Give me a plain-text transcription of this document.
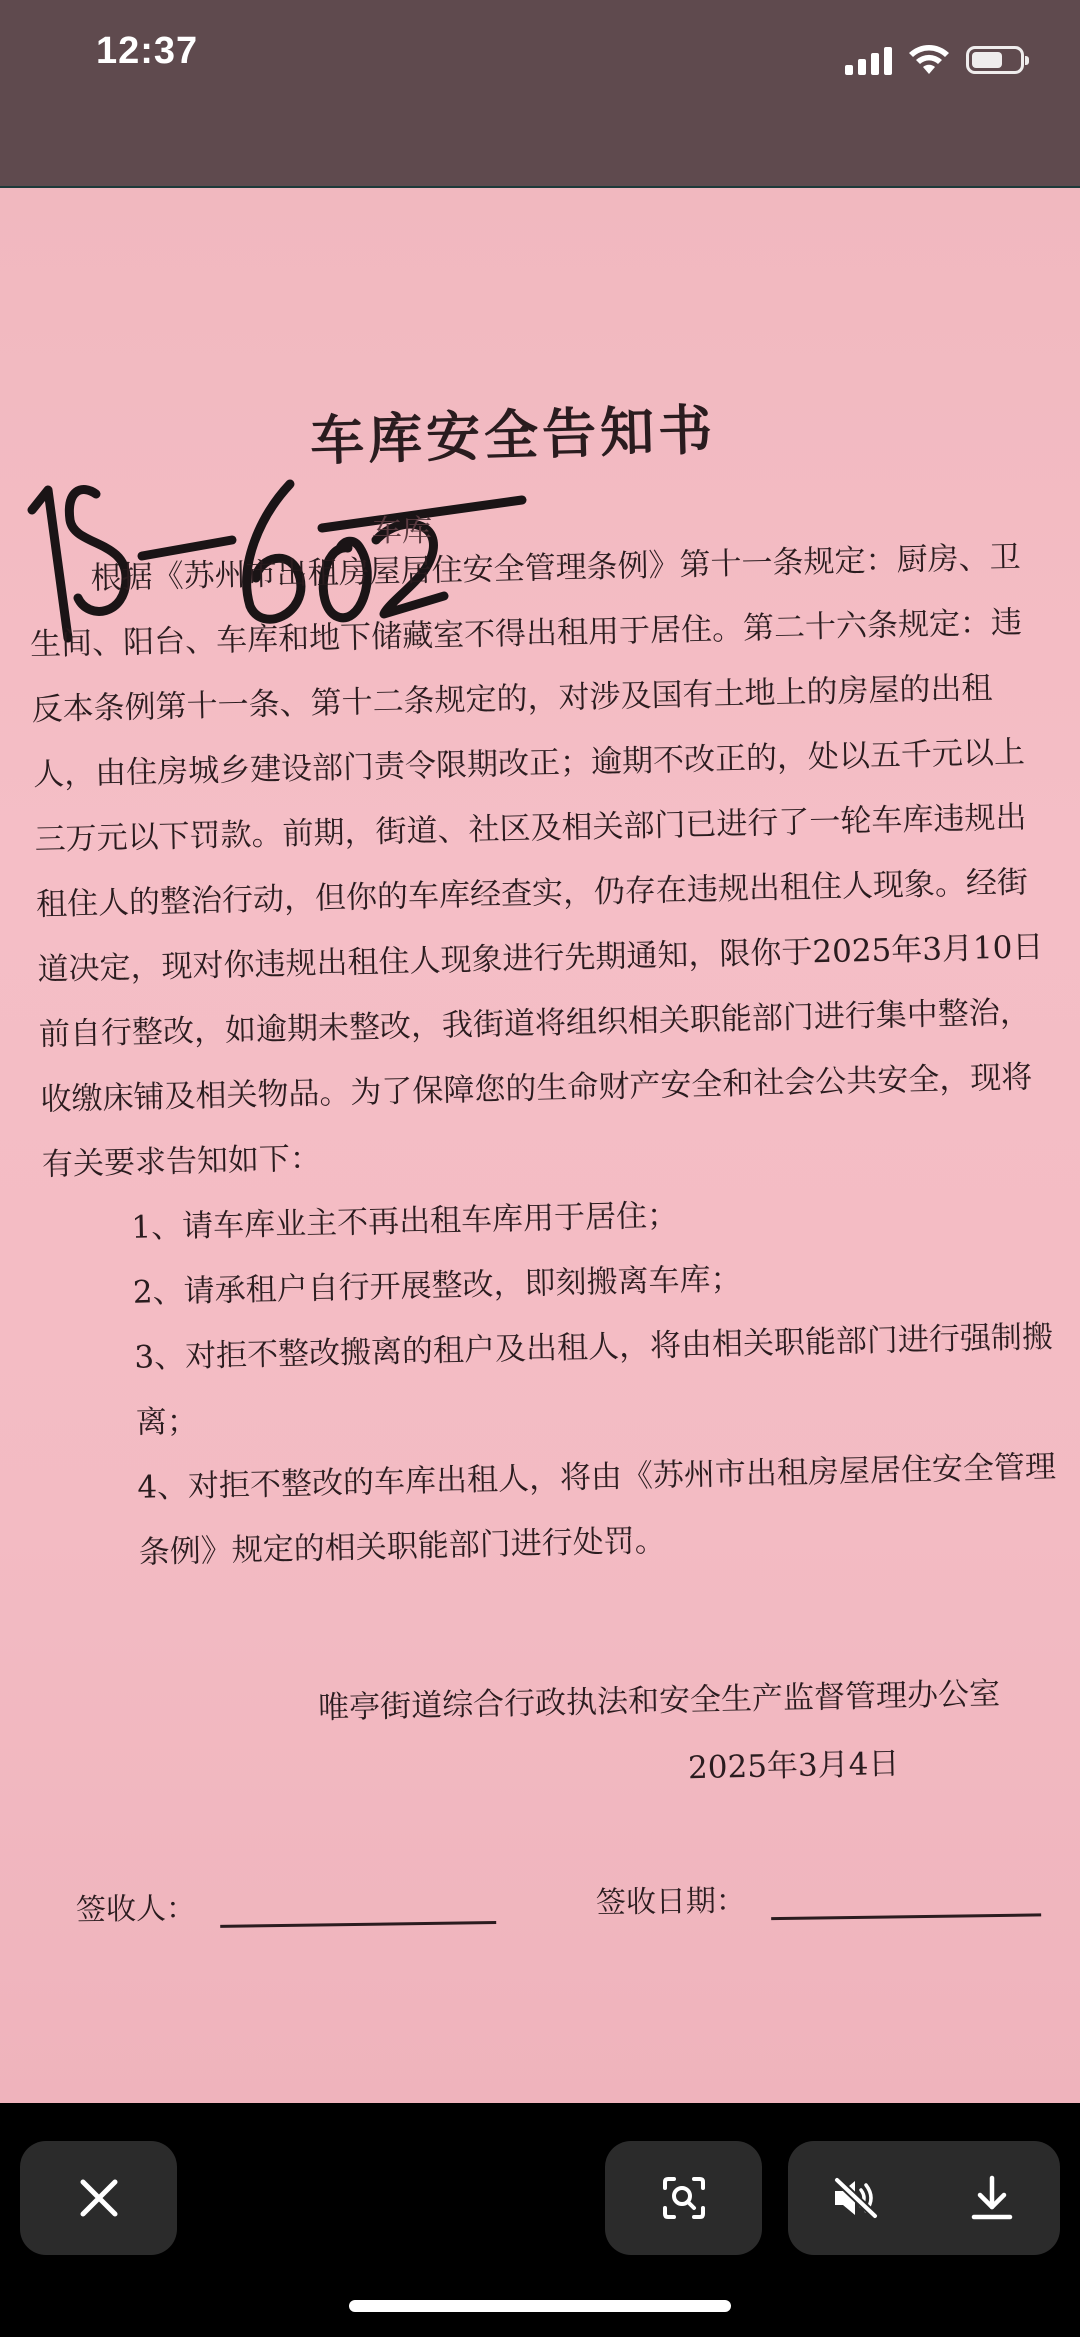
12:37
车库安全告知书
车库

根据《苏州市出租房屋居住安全管理条例》第十一条规定：厨房、卫生间、阳台、车库和地下储藏室不得出租用于居住。第二十六条规定：违反本条例第十一条、第十二条规定的，对涉及国有土地上的房屋的出租人，由住房城乡建设部门责令限期改正；逾期不改正的，处以五千元以上三万元以下罚款。前期，街道、社区及相关部门已进行了一轮车库违规出租住人的整治行动，但你的车库经查实，仍存在违规出租住人现象。经街道决定，现对你违规出租住人现象进行先期通知，限你于2025年3月10日前自行整改，如逾期未整改，我街道将组织相关职能部门进行集中整治，收缴床铺及相关物品。为了保障您的生命财产安全和社会公共安全，现将有关要求告知如下：

1、请车库业主不再出租车库用于居住；

2、请承租户自行开展整改，即刻搬离车库；

3、对拒不整改搬离的租户及出租人，将由相关职能部门进行强制搬离；

4、对拒不整改的车库出租人，将由《苏州市出租房屋居住安全管理条例》规定的相关职能部门进行处罚。

唯亭街道综合行政执法和安全生产监督管理办公室
2025年3月4日
签收人：	签收日期：
